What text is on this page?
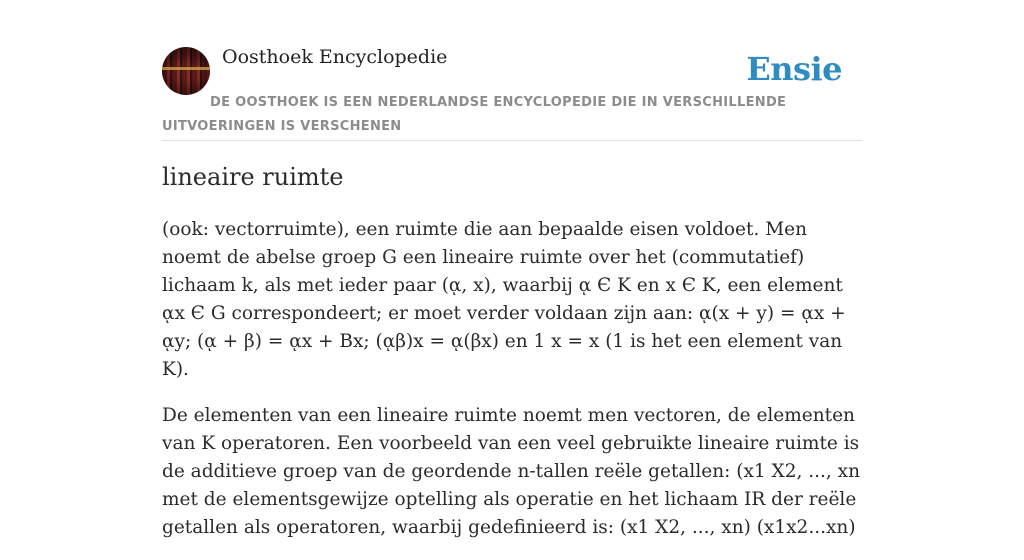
Oosthoek Encyclopedie	Ensie
DE OOSTHOEK IS EEN NEDERLANDSE ENCYCLOPEDIE DIE IN VERSCHILLENDE UITVOERINGEN IS VERSCHENEN
lineaire ruimte

(ook: vectorruimte), een ruimte die aan bepaalde eisen voldoet. Men noemt de abelse groep G een lineaire ruimte over het (commutatief) lichaam k, als met ieder paar (ᾳ, x), waarbij ᾳ Є K en x Є K, een element ᾳx Є G correspondeert; er moet verder voldaan zijn aan: ᾳ(x + y) = ᾳx + ᾳy; (ᾳ + β) = ᾳx + Bx; (ᾳβ)x = ᾳ(βx) en 1 x = x (1 is het een element van K).

De elementen van een lineaire ruimte noemt men vectoren, de elementen van K operatoren. Een voorbeeld van een veel gebruikte lineaire ruimte is de additieve groep van de geordende n-tallen reële getallen: (x1 X2, ..., xn met de elementsgewijze optelling als operatie en het lichaam IR der reële getallen als operatoren, waarbij gedefinieerd is: (x1 X2, ..., xn) (x1x2...xn)
